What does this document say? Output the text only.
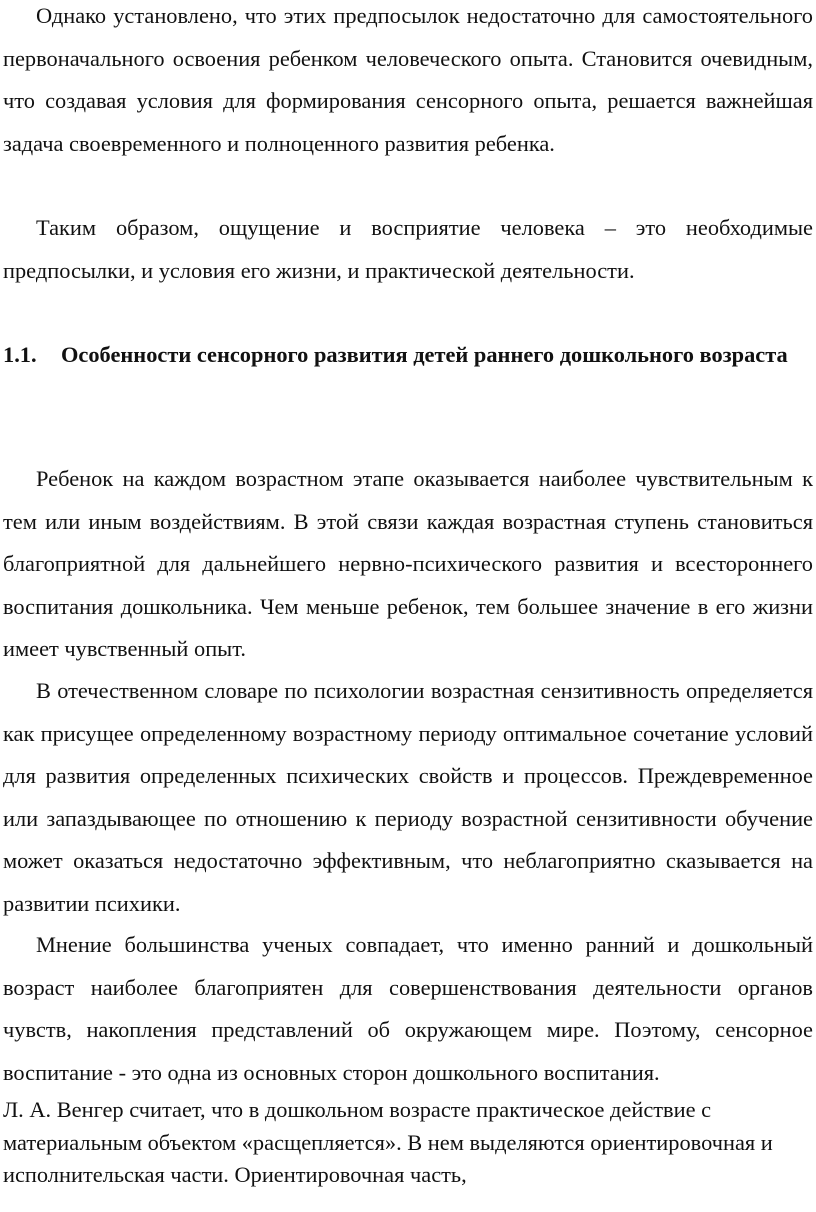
Однако установлено, что этих предпосылок недостаточно для самостоятельного первоначального освоения ребенком человеческого опыта. Становится очевидным, что создавая условия для формирования сенсорного опыта, решается важнейшая задача своевременного и полноценного развития ребенка.

Таким образом, ощущение и восприятие человека – это необходимые предпосылки, и условия его жизни, и практической деятельности.

1.1. Особенности сенсорного развития детей раннего дошкольного возраста

Ребенок на каждом возрастном этапе оказывается наиболее чувствительным к тем или иным воздействиям. В этой связи каждая возрастная ступень становиться благоприятной для дальнейшего нервно-психического развития и всестороннего воспитания дошкольника. Чем меньше ребенок, тем большее значение в его жизни имеет чувственный опыт.

В отечественном словаре по психологии возрастная сензитивность определяется как присущее определенному возрастному периоду оптимальное сочетание условий для развития определенных психических свойств и процессов. Преждевременное или запаздывающее по отношению к периоду возрастной сензитивности обучение может оказаться недостаточно эффективным, что неблагоприятно сказывается на развитии психики.

Мнение большинства ученых совпадает, что именно ранний и дошкольный возраст наиболее благоприятен для совершенствования деятельности органов чувств, накопления представлений об окружающем мире. Поэтому, сенсорное воспитание - это одна из основных сторон дошкольного воспитания.

Л. А. Венгер считает, что в дошкольном возрасте практическое действие с материальным объектом «расщепляется». В нем выделяются ориентировочная и исполнительская части. Ориентировочная часть,
